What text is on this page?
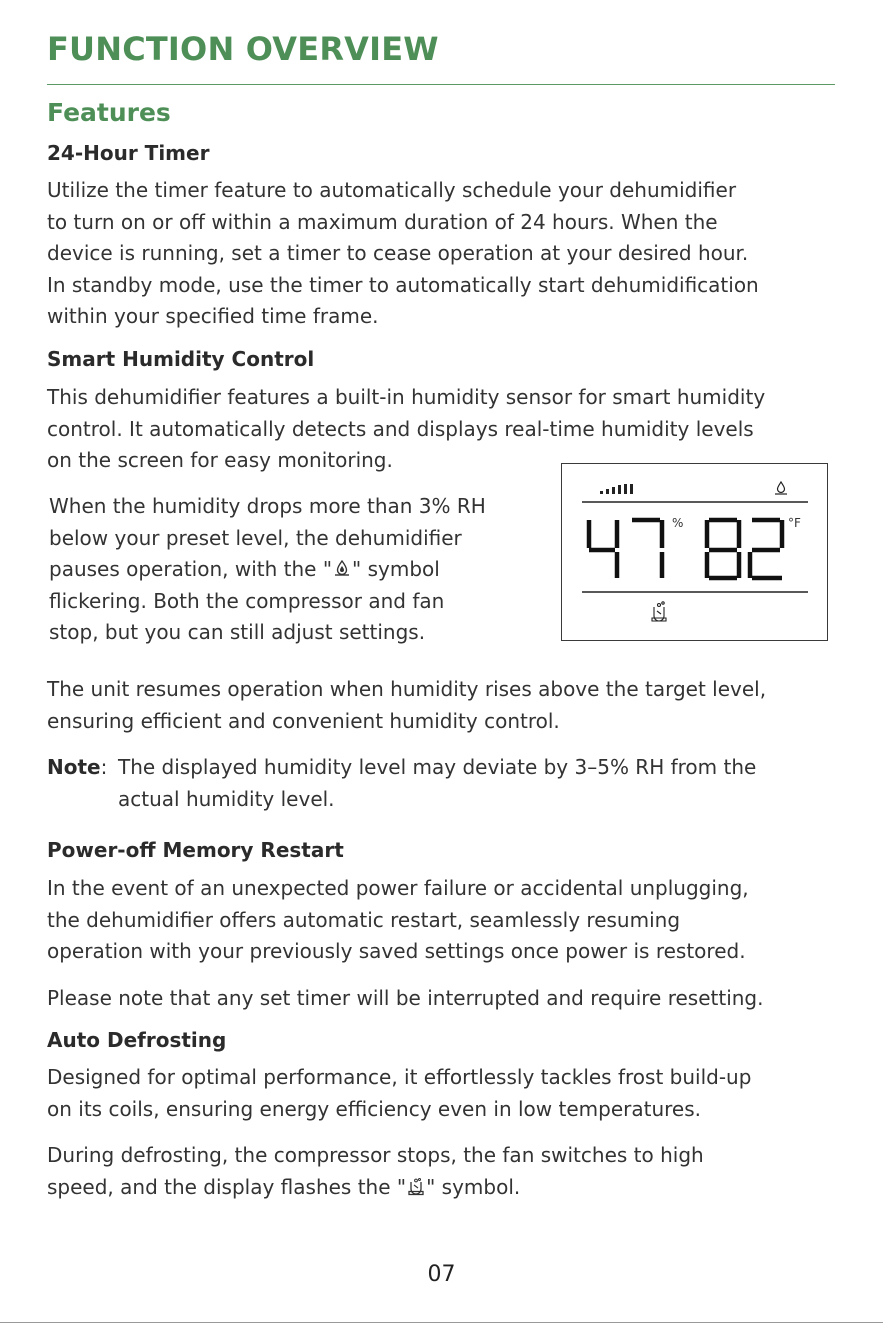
FUNCTION OVERVIEW
Features
24-Hour Timer

Utilize the timer feature to automatically schedule your dehumidifier
to turn on or off within a maximum duration of 24 hours. When the
device is running, set a timer to cease operation at your desired hour.
In standby mode, use the timer to automatically start dehumidification
within your specified time frame.

Smart Humidity Control

This dehumidifier features a built-in humidity sensor for smart humidity
control. It automatically detects and displays real-time humidity levels
on the screen for easy monitoring.

When the humidity drops more than 3% RH
below your preset level, the dehumidifier
pauses operation, with the " " symbol
flickering. Both the compressor and fan
stop, but you can still adjust settings.

%	°F

The unit resumes operation when humidity rises above the target level,
ensuring efficient and convenient humidity control.

Note: The displayed humidity level may deviate by 3–5% RH from the
actual humidity level.
Power-off Memory Restart

In the event of an unexpected power failure or accidental unplugging,
the dehumidifier offers automatic restart, seamlessly resuming
operation with your previously saved settings once power is restored.

Please note that any set timer will be interrupted and require resetting.

Auto Defrosting

Designed for optimal performance, it effortlessly tackles frost build-up
on its coils, ensuring energy efficiency even in low temperatures.

During defrosting, the compressor stops, the fan switches to high
speed, and the display flashes the " " symbol.

07
